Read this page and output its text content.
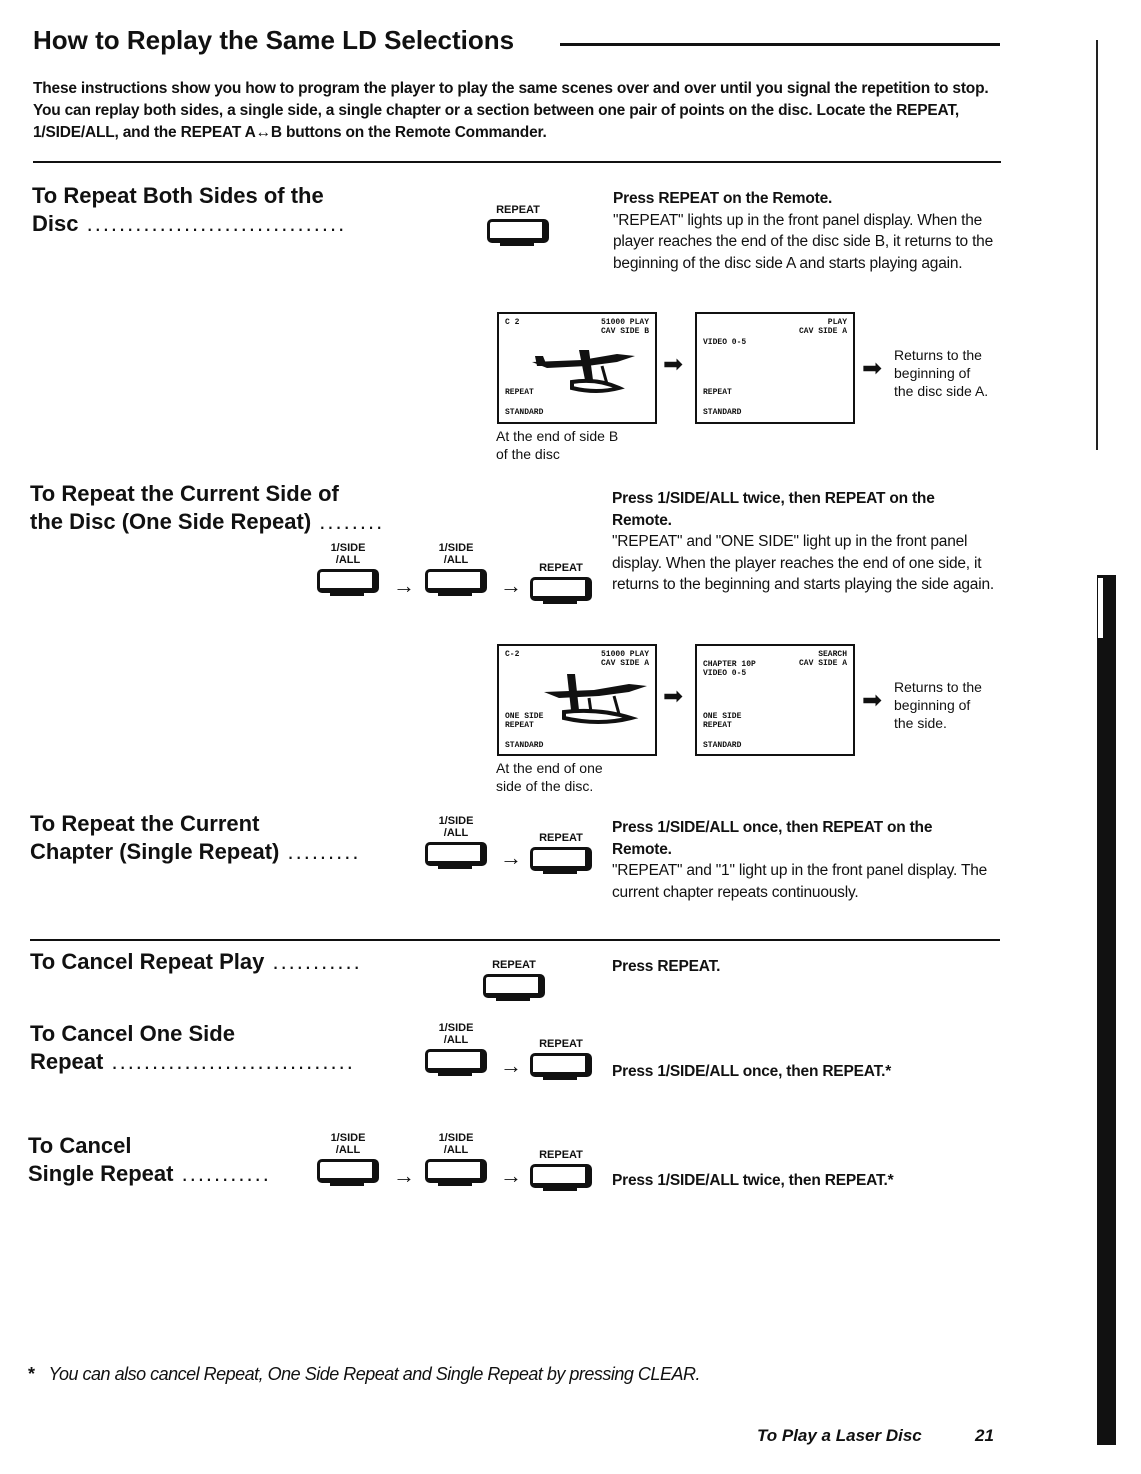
How to Replay the Same LD Selections
These instructions show you how to program the player to play the same scenes over and over until you signal the repetition to stop. You can replay both sides, a single side, a single chapter or a section between one pair of points on the disc. Locate the REPEAT, 1/SIDE/ALL, and the REPEAT A↔B buttons on the Remote Commander.
To Repeat Both Sides of the
Disc ................................
REPEAT
Press REPEAT on the Remote.
"REPEAT" lights up in the front panel display. When the player reaches the end of the disc side B, it returns to the beginning of the disc side A and starts playing again.
C 2	51000 PLAY
CAV SIDE B
REPEAT
STANDARD
➡
PLAY
CAV SIDE A
VIDEO 0-5
REPEAT
STANDARD
➡ Returns to the
beginning of
the disc side A.
At the end of side B
of the disc
To Repeat the Current Side of
the Disc (One Side Repeat) ........
1/SIDE
/ALL
→
1/SIDE
/ALL
→
REPEAT
Press 1/SIDE/ALL twice, then REPEAT on the
Remote.
"REPEAT" and "ONE SIDE" light up in the front panel display. When the player reaches the end of one side, it returns to the beginning and starts playing the side again.
C-2	51000 PLAY
CAV SIDE A
ONE SIDE
REPEAT
STANDARD
➡
SEARCH
CAV SIDE A
CHAPTER 10P
VIDEO 0-5
ONE SIDE
REPEAT
STANDARD
➡ Returns to the
beginning of
the side.
At the end of one
side of the disc.
To Repeat the Current
Chapter (Single Repeat) .........
1/SIDE
/ALL
→
REPEAT
Press 1/SIDE/ALL once, then REPEAT on the
Remote.
"REPEAT" and "1" light up in the front panel display. The current chapter repeats continuously.
To Cancel Repeat Play ...........	REPEAT	Press REPEAT.
To Cancel One Side
Repeat ..............................
1/SIDE
/ALL
→
REPEAT
Press 1/SIDE/ALL once, then REPEAT.*
To Cancel
Single Repeat ...........
1/SIDE
/ALL
→
1/SIDE
/ALL
→
REPEAT
Press 1/SIDE/ALL twice, then REPEAT.*
* You can also cancel Repeat, One Side Repeat and Single Repeat by pressing CLEAR.
To Play a Laser Disc	21
